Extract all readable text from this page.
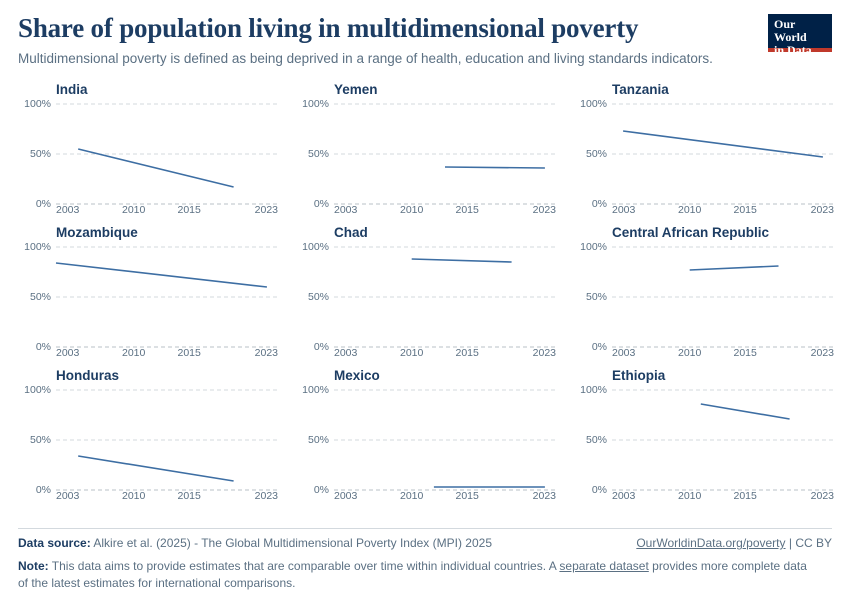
Share of population living in multidimensional poverty

Multidimensional poverty is defined as being deprived in a range of health, education and living standards indicators.

Our World
in Data
India
0%
50%
100%
2003	2010	2015	2023
Yemen
0%
50%
100%
2003	2010	2015	2023
Tanzania
0%
50%
100%
2003	2010	2015	2023
Mozambique
0%
50%
100%
2003	2010	2015	2023
Chad
0%
50%
100%
2003	2010	2015	2023
Central African Republic
0%
50%
100%
2003	2010	2015	2023
Honduras
0%
50%
100%
2003	2010	2015	2023
Mexico
0%
50%
100%
2003	2010	2015	2023
Ethiopia
0%
50%
100%
2003	2010	2015	2023
Data source: Alkire et al. (2025) - The Global Multidimensional Poverty Index (MPI) 2025	OurWorldinData.org/poverty | CC BY
Note: This data aims to provide estimates that are comparable over time within individual countries. A separate dataset provides more complete data of the latest estimates for international comparisons.
